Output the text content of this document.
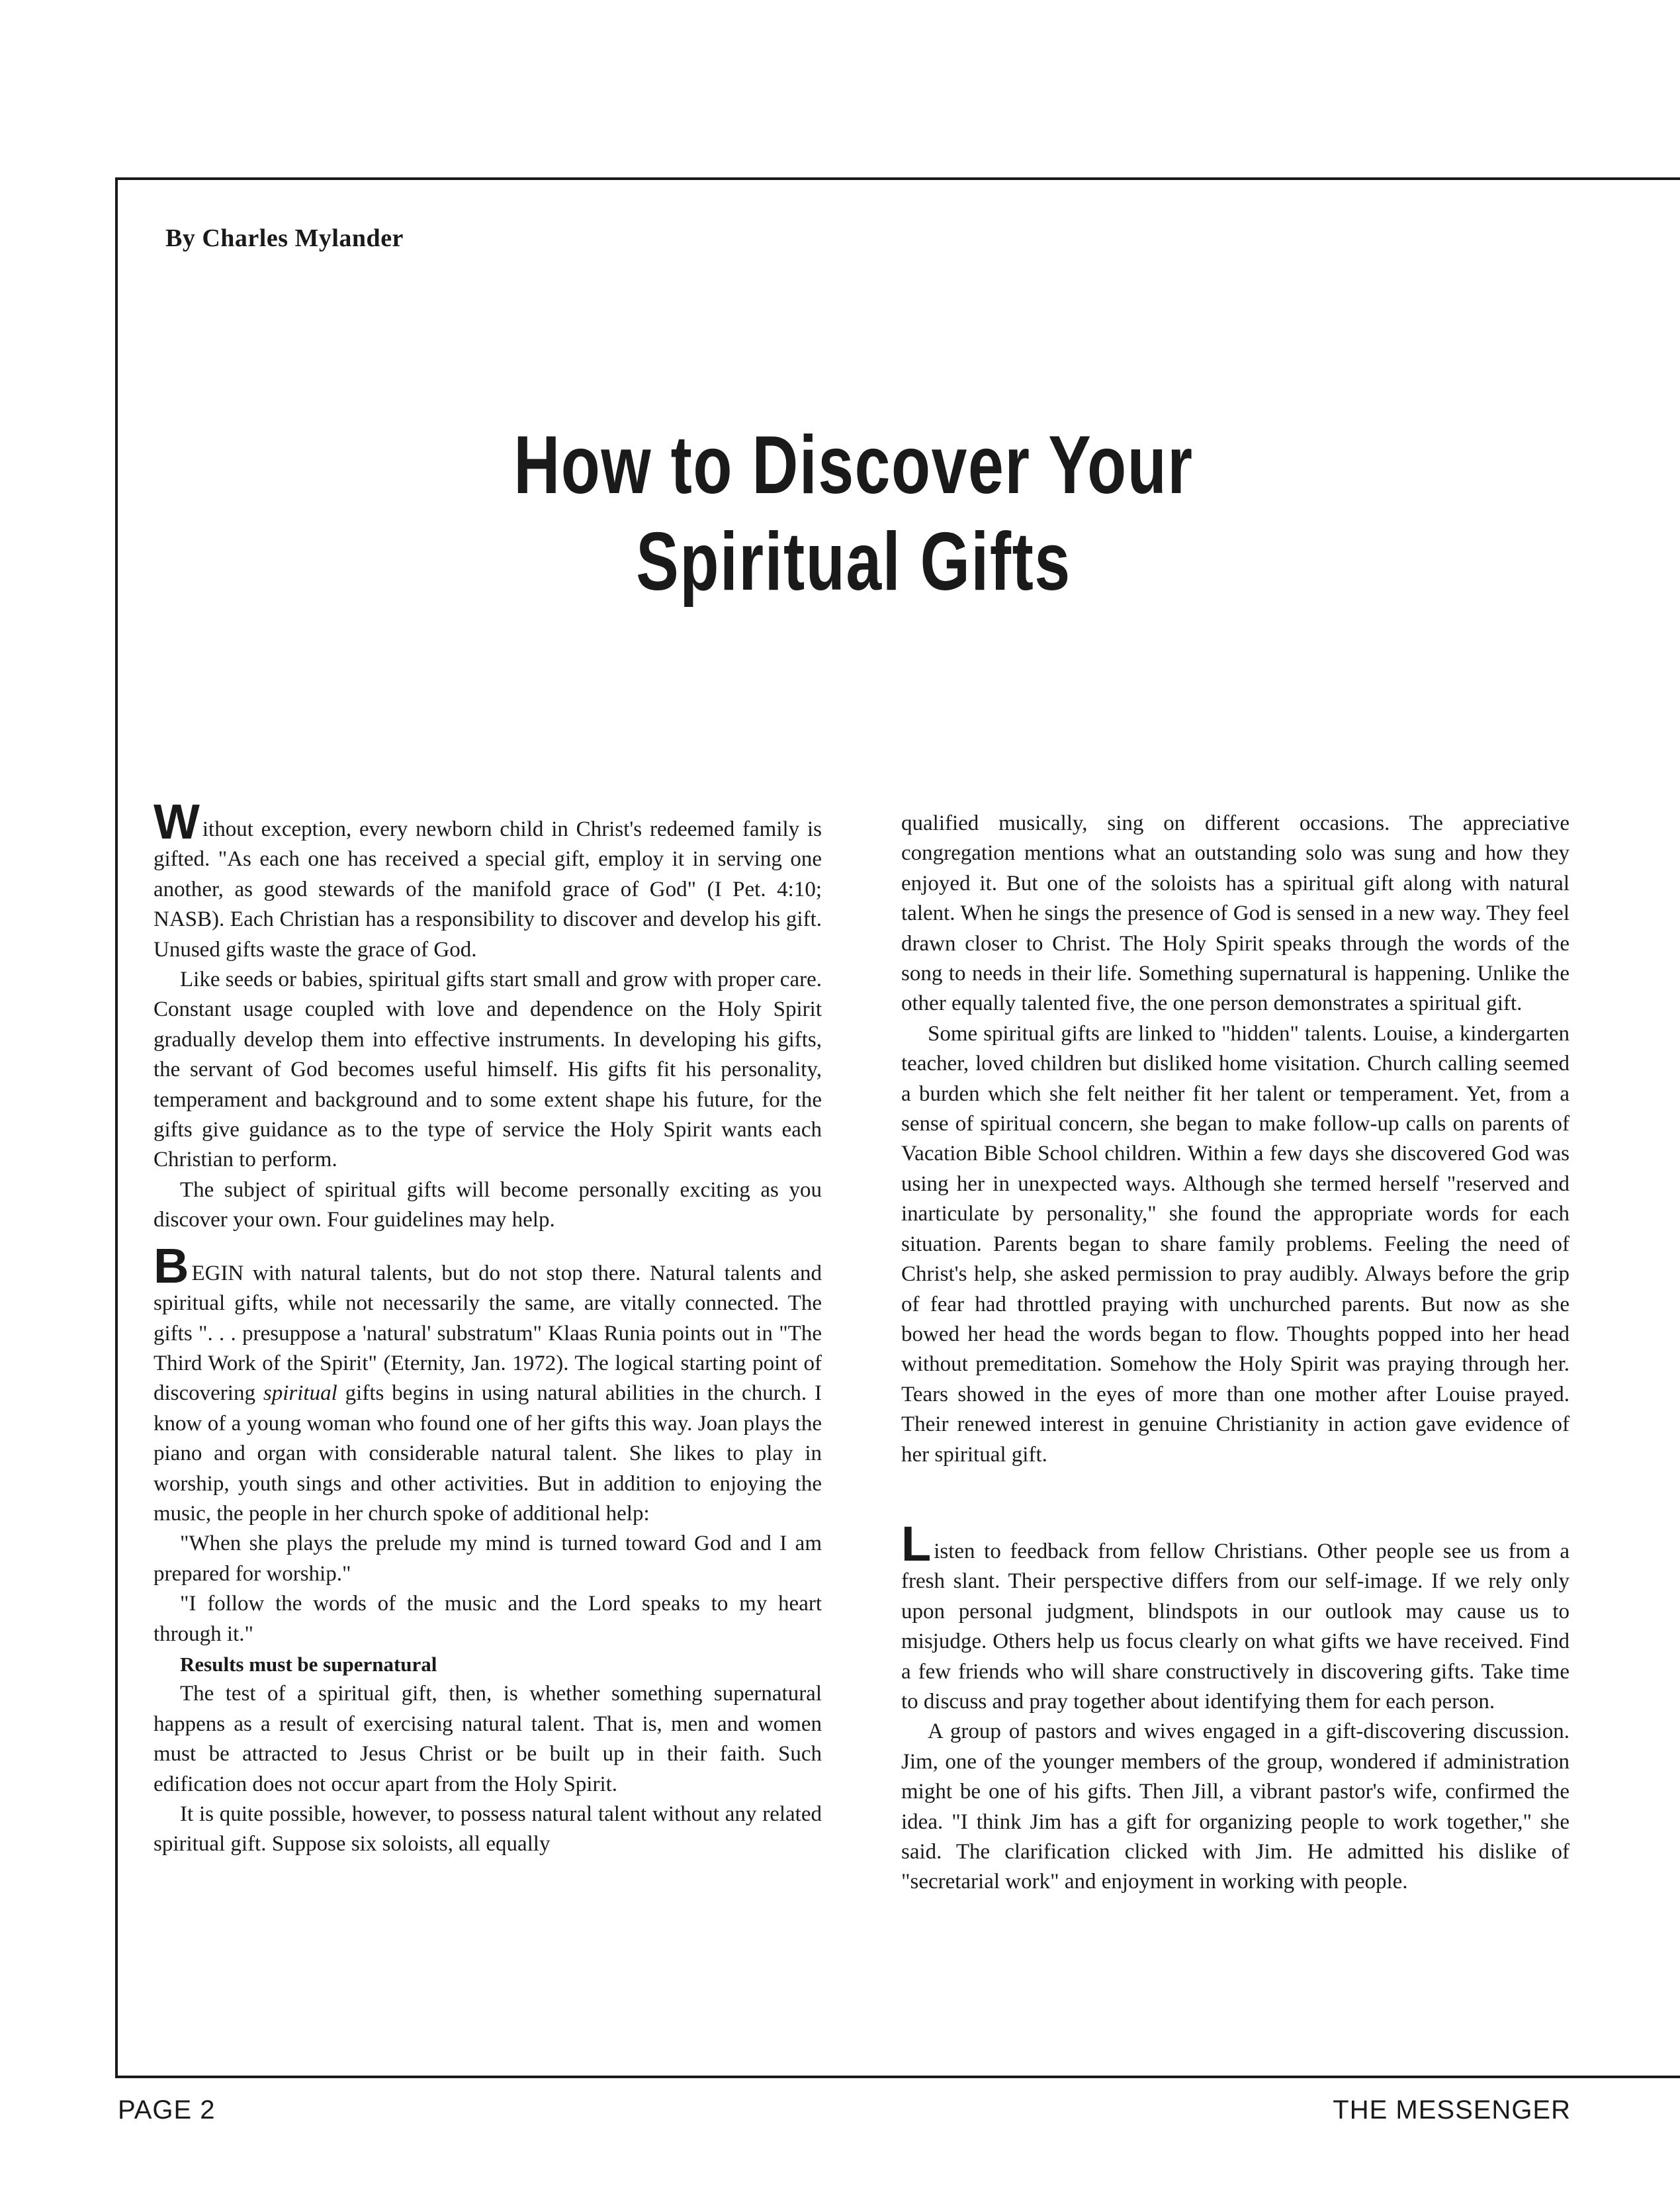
By Charles Mylander
How to Discover Your
Spiritual Gifts

Without exception, every newborn child in Christ's redeemed family is gifted. "As each one has received a special gift, employ it in serving one another, as good stewards of the manifold grace of God" (I Pet. 4:10; NASB). Each Christian has a responsibility to discover and develop his gift. Unused gifts waste the grace of God.

Like seeds or babies, spiritual gifts start small and grow with proper care. Constant usage coupled with love and dependence on the Holy Spirit gradually develop them into effective instruments. In developing his gifts, the servant of God becomes useful himself. His gifts fit his personality, temperament and background and to some extent shape his future, for the gifts give guidance as to the type of service the Holy Spirit wants each Christian to perform.

The subject of spiritual gifts will become personally exciting as you discover your own. Four guidelines may help.

BEGIN with natural talents, but do not stop there. Natural talents and spiritual gifts, while not necessarily the same, are vitally connected. The gifts ". . . presuppose a 'natural' substratum" Klaas Runia points out in "The Third Work of the Spirit" (Eternity, Jan. 1972). The logical starting point of discovering spiritual gifts begins in using natural abilities in the church. I know of a young woman who found one of her gifts this way. Joan plays the piano and organ with considerable natural talent. She likes to play in worship, youth sings and other activities. But in addition to enjoying the music, the people in her church spoke of additional help:

"When she plays the prelude my mind is turned toward God and I am prepared for worship."

"I follow the words of the music and the Lord speaks to my heart through it."

Results must be supernatural

The test of a spiritual gift, then, is whether something supernatural happens as a result of exercising natural talent. That is, men and women must be attracted to Jesus Christ or be built up in their faith. Such edification does not occur apart from the Holy Spirit.

It is quite possible, however, to possess natural talent without any related spiritual gift. Suppose six soloists, all equally

qualified musically, sing on different occasions. The appreciative congregation mentions what an outstanding solo was sung and how they enjoyed it. But one of the soloists has a spiritual gift along with natural talent. When he sings the presence of God is sensed in a new way. They feel drawn closer to Christ. The Holy Spirit speaks through the words of the song to needs in their life. Something supernatural is happening. Unlike the other equally talented five, the one person demonstrates a spiritual gift.

Some spiritual gifts are linked to "hidden" talents. Louise, a kindergarten teacher, loved children but disliked home visitation. Church calling seemed a burden which she felt neither fit her talent or temperament. Yet, from a sense of spiritual concern, she began to make follow-up calls on parents of Vacation Bible School children. Within a few days she discovered God was using her in unexpected ways. Although she termed herself "reserved and inarticulate by personality," she found the appropriate words for each situation. Parents began to share family problems. Feeling the need of Christ's help, she asked permission to pray audibly. Always before the grip of fear had throttled praying with unchurched parents. But now as she bowed her head the words began to flow. Thoughts popped into her head without premeditation. Somehow the Holy Spirit was praying through her. Tears showed in the eyes of more than one mother after Louise prayed. Their renewed interest in genuine Christianity in action gave evidence of her spiritual gift.

Listen to feedback from fellow Christians. Other people see us from a fresh slant. Their perspective differs from our self-image. If we rely only upon personal judgment, blindspots in our outlook may cause us to misjudge. Others help us focus clearly on what gifts we have received. Find a few friends who will share constructively in discovering gifts. Take time to discuss and pray together about identifying them for each person.

A group of pastors and wives engaged in a gift-discovering discussion. Jim, one of the younger members of the group, wondered if administration might be one of his gifts. Then Jill, a vibrant pastor's wife, confirmed the idea. "I think Jim has a gift for organizing people to work together," she said. The clarification clicked with Jim. He admitted his dislike of "secretarial work" and enjoyment in working with people.

PAGE 2	THE MESSENGER
